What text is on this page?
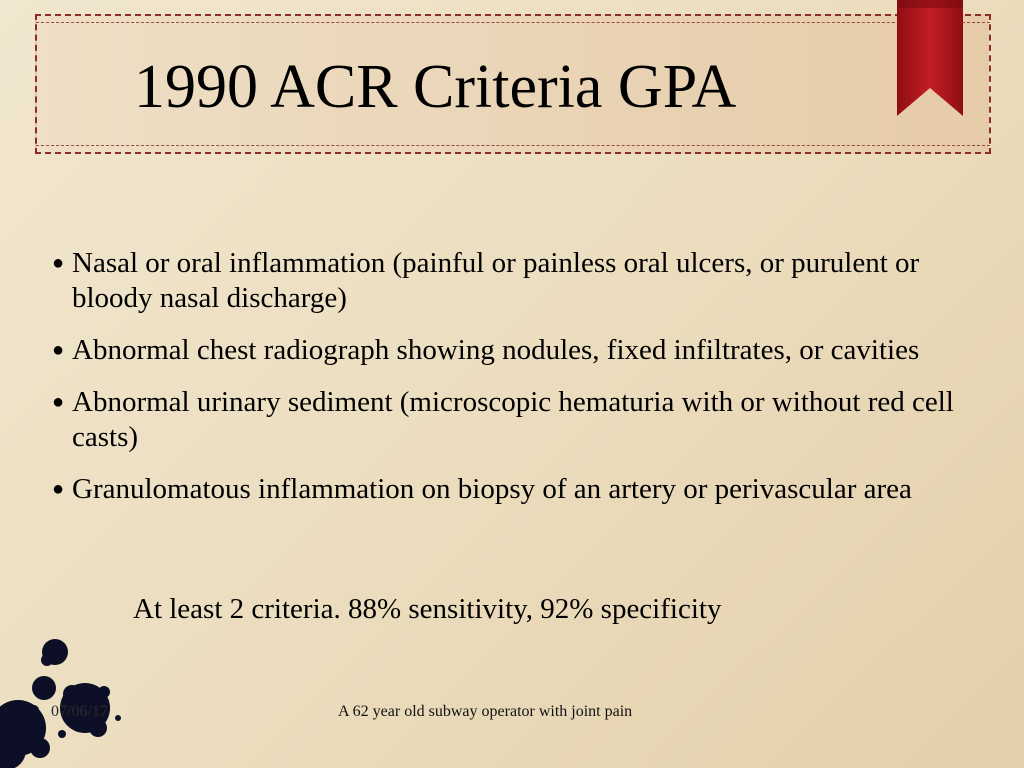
1990 ACR Criteria GPA
● Nasal or oral inflammation (painful or painless oral ulcers, or purulent or bloody nasal discharge)
● Abnormal chest radiograph showing nodules, fixed infiltrates, or cavities
● Abnormal urinary sediment (microscopic hematuria with or without red cell casts)
● Granulomatous inflammation on biopsy of an artery or perivascular area
At least 2 criteria. 88% sensitivity, 92% specificity
07/06/17	A 62 year old subway operator with joint pain
